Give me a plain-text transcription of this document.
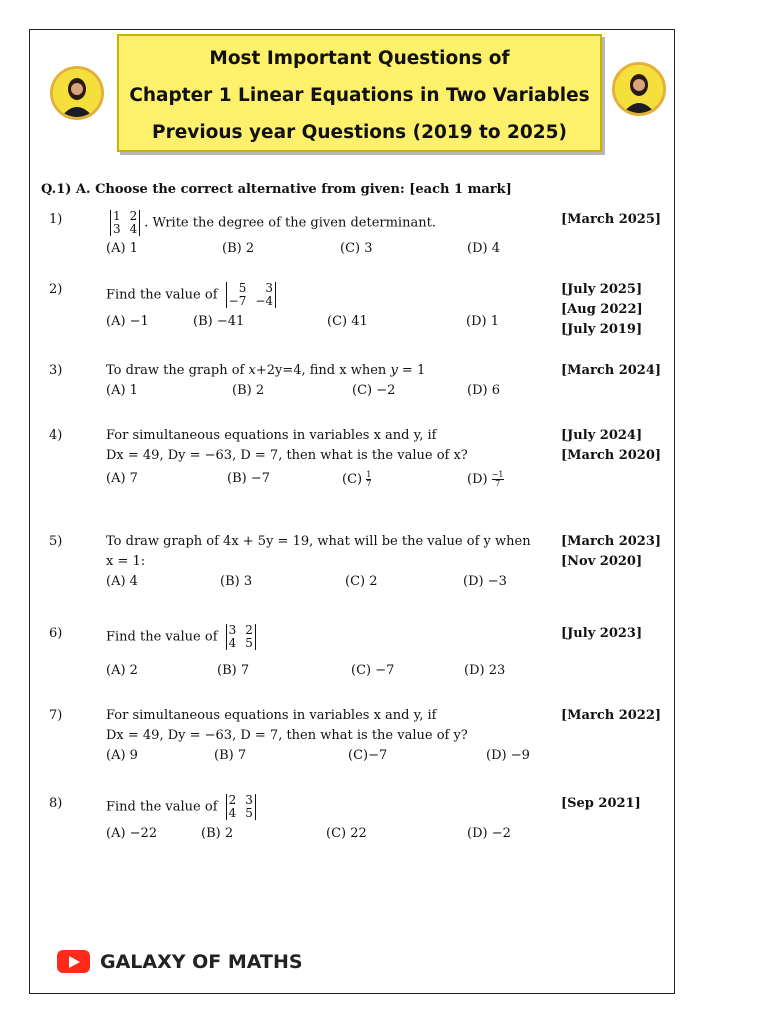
Most Important Questions of
Chapter 1 Linear Equations in Two Variables
Previous year Questions (2019 to 2025)
Q.1) A. Choose the correct alternative from given: [each 1 mark]
1)	1 2
3 4 . Write the degree of the given determinant.
(A) 1	(B) 2	(C) 3	(D) 4
[March 2025]
2)	Find the value of	5	3
−7 −4
(A) −1	(B) −41	(C) 41	(D) 1
[July 2025]
[Aug 2022]
[July 2019]
3)	To draw the graph of x+2y=4, find x when y = 1
(A) 1	(B) 2	(C) −2	(D) 6
[March 2024]
4)	For simultaneous equations in variables x and y, if
Dx = 49, Dy = −63, D = 7, then what is the value of x?
(A) 7	(B) −7	$(C) \frac{1}{7}$	$(D) \frac{-1}{7}$
[July 2024]
[March 2020]
5)	To draw graph of 4x + 5y = 19, what will be the value of y when
x = 1:
(A) 4	(B) 3	(C) 2	(D) −3
[March 2023]
[Nov 2020]
6)	Find the value of 3 2
4 5
(A) 2	(B) 7	(C) −7	(D) 23
[July 2023]
7)	For simultaneous equations in variables x and y, if
Dx = 49, Dy = −63, D = 7, then what is the value of y?
(A) 9	(B) 7	(C)−7	(D) −9
[March 2022]
8)	Find the value of 2 3
4 5
(A) −22	(B) 2	(C) 22	(D) −2
[Sep 2021]
GALAXY OF MATHS
